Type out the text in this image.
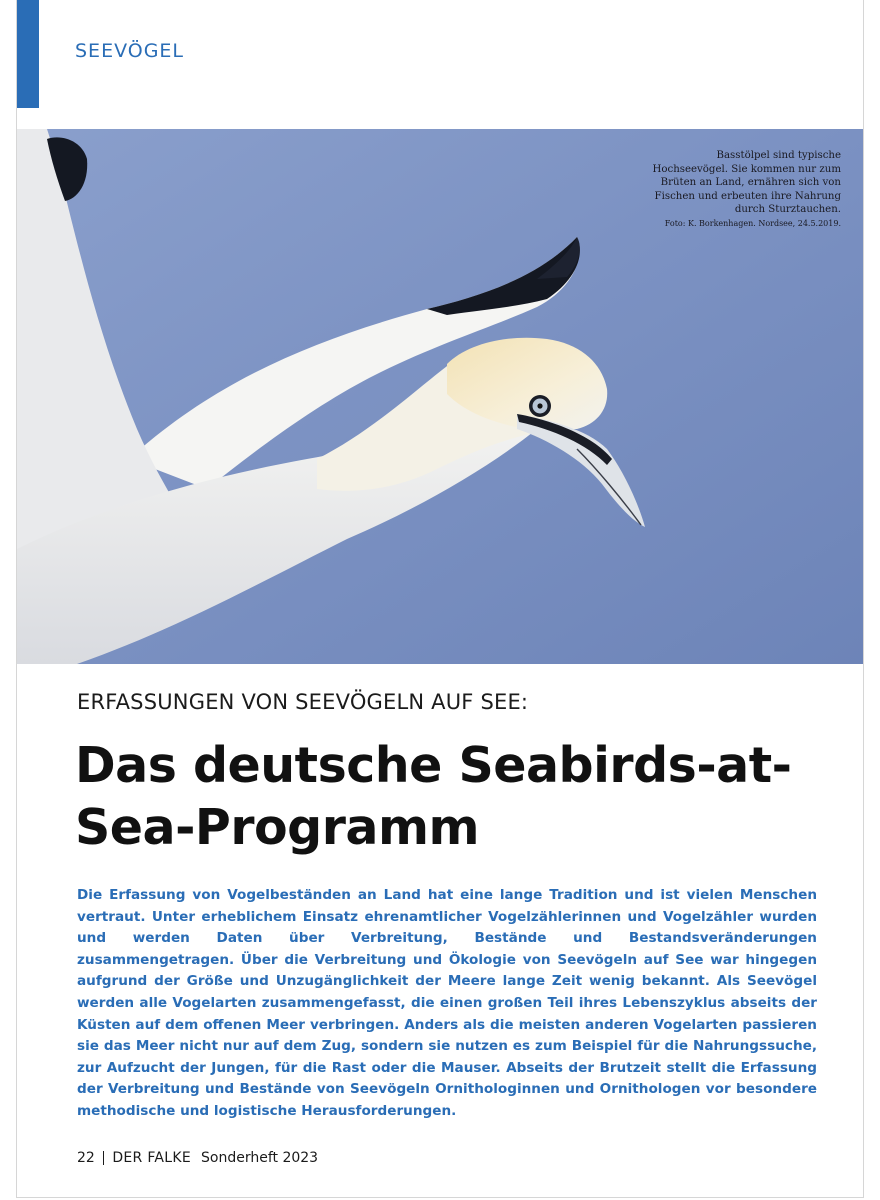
SEEVÖGEL
Basstölpel sind typische Hochseevögel. Sie kommen nur zum Brüten an Land, ernähren sich von Fischen und erbeuten ihre Nahrung durch Sturztauchen.
Foto: K. Borkenhagen. Nordsee, 24.5.2019.
ERFASSUNGEN VON SEEVÖGELN AUF SEE:
Das deutsche Seabirds-at-Sea-Programm

Die Erfassung von Vogelbeständen an Land hat eine lange Tradition und ist vielen Menschen vertraut. Unter erheblichem Einsatz ehrenamtlicher Vogelzählerinnen und Vogelzähler wurden und werden Daten über Verbreitung, Bestände und Bestandsveränderungen zusammengetragen. Über die Verbreitung und Ökologie von Seevögeln auf See war hingegen aufgrund der Größe und Unzugänglichkeit der Meere lange Zeit wenig bekannt. Als Seevögel werden alle Vogelarten zusammengefasst, die einen großen Teil ihres Lebenszyklus abseits der Küsten auf dem offenen Meer verbringen. Anders als die meisten anderen Vogelarten passieren sie das Meer nicht nur auf dem Zug, sondern sie nutzen es zum Beispiel für die Nahrungssuche, zur Aufzucht der Jungen, für die Rast oder die Mauser. Abseits der Brutzeit stellt die Erfassung der Verbreitung und Bestände von Seevögeln Ornithologinnen und Ornithologen vor besondere methodische und logistische Herausforderungen.

22 DER FALKE Sonderheft 2023
